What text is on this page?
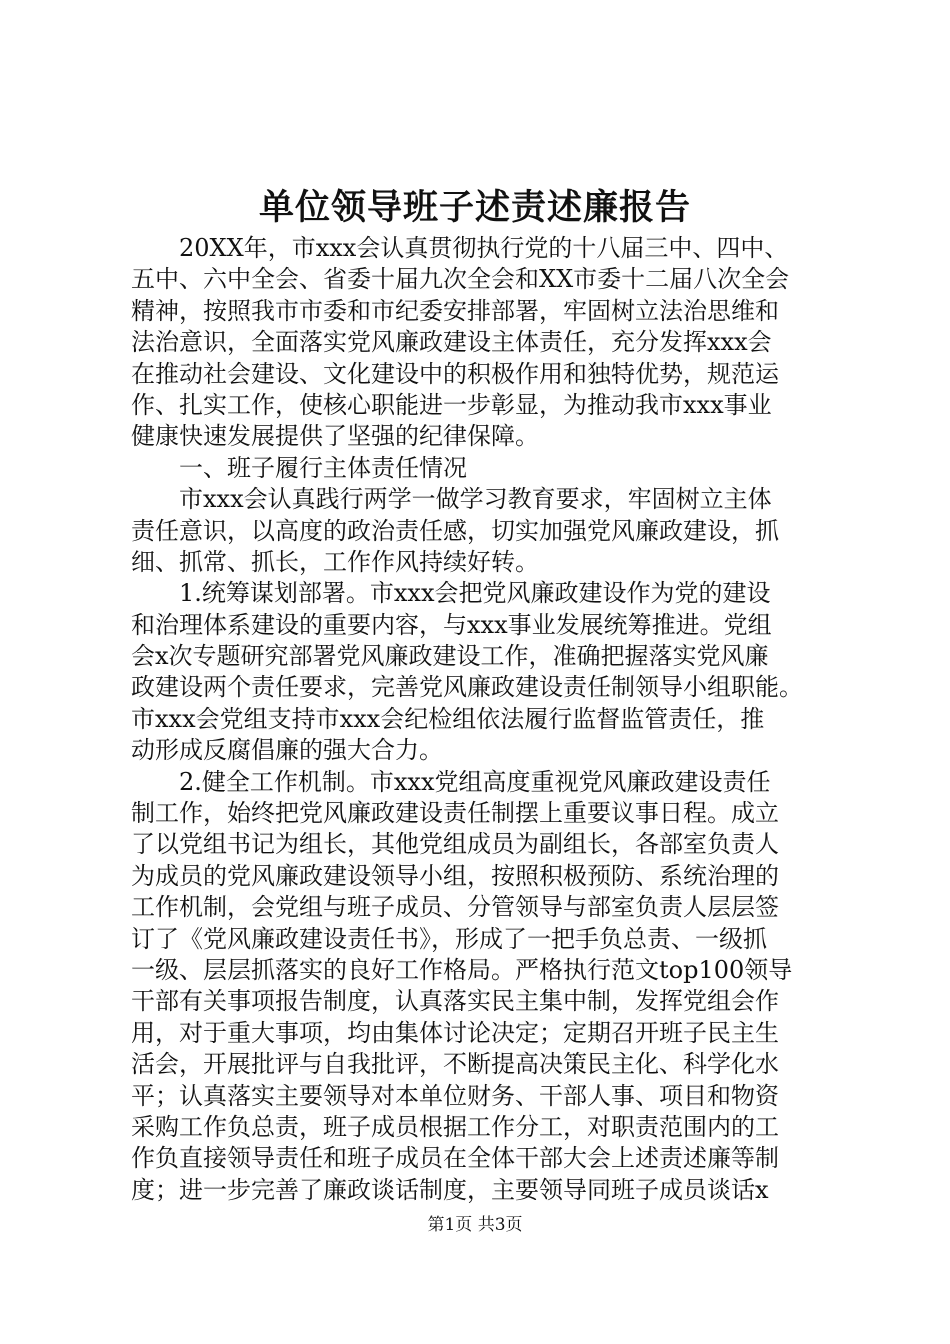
单位领导班子述责述廉报告
　　20XX年，市xxx会认真贯彻执行党的十八届三中、四中、
五中、六中全会、省委十届九次全会和XX市委十二届八次全会
精神，按照我市市委和市纪委安排部署，牢固树立法治思维和
法治意识，全面落实党风廉政建设主体责任，充分发挥xxx会
在推动社会建设、文化建设中的积极作用和独特优势，规范运
作、扎实工作，使核心职能进一步彰显，为推动我市xxx事业
健康快速发展提供了坚强的纪律保障。
　　一、班子履行主体责任情况
　　市xxx会认真践行两学一做学习教育要求，牢固树立主体
责任意识，以高度的政治责任感，切实加强党风廉政建设，抓
细、抓常、抓长，工作作风持续好转。
　　1.统筹谋划部署。市xxx会把党风廉政建设作为党的建设
和治理体系建设的重要内容，与xxx事业发展统筹推进。党组
会x次专题研究部署党风廉政建设工作，准确把握落实党风廉
政建设两个责任要求，完善党风廉政建设责任制领导小组职能。
市xxx会党组支持市xxx会纪检组依法履行监督监管责任，推
动形成反腐倡廉的强大合力。
　　2.健全工作机制。市xxx党组高度重视党风廉政建设责任
制工作，始终把党风廉政建设责任制摆上重要议事日程。成立
了以党组书记为组长，其他党组成员为副组长，各部室负责人
为成员的党风廉政建设领导小组，按照积极预防、系统治理的
工作机制，会党组与班子成员、分管领导与部室负责人层层签
订了《党风廉政建设责任书》，形成了一把手负总责、一级抓
一级、层层抓落实的良好工作格局。严格执行范文top100领导
干部有关事项报告制度，认真落实民主集中制，发挥党组会作
用，对于重大事项，均由集体讨论决定；定期召开班子民主生
活会，开展批评与自我批评，不断提高决策民主化、科学化水
平；认真落实主要领导对本单位财务、干部人事、项目和物资
采购工作负总责，班子成员根据工作分工，对职责范围内的工
作负直接领导责任和班子成员在全体干部大会上述责述廉等制
度；进一步完善了廉政谈话制度，主要领导同班子成员谈话x
第1页 共3页
